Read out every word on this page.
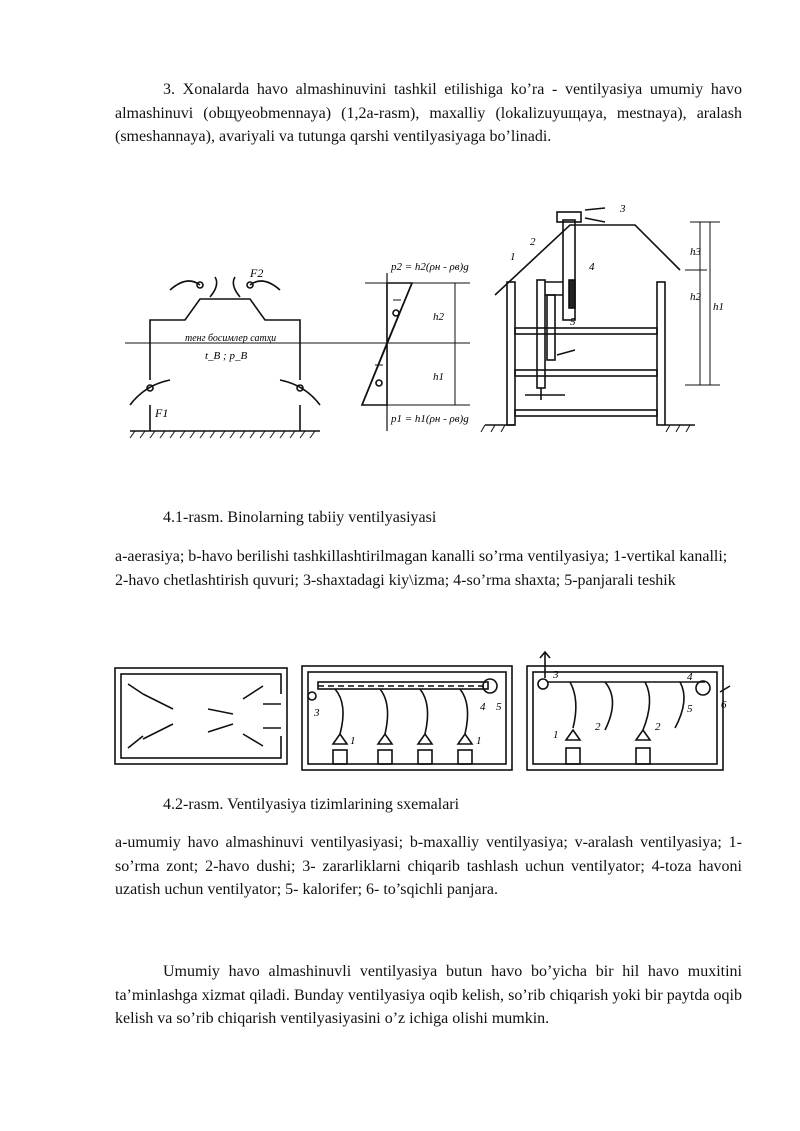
3. Xonalarda havo almashinuvini tashkil etilishiga ko’ra - ventilyasiya umumiy havo almashinuvi (obщyeobmennaya) (1,2a-rasm), maxalliy (lokalizuyuщaya, mestnaya), aralash (smeshannaya), avariyali va tutunga qarshi ventilyasiyaga bo’linadi.
тенг босимлер сатҳи
t_B ; p_B
F2
F1
p2 = h2(ρн - ρв)g
p1 = h1(ρн - ρв)g
h2
h1
1
2
3
4
5
h3
h2
h1
4.1-rasm. Binolarning tabiiy ventilyasiyasi
a-aerasiya; b-havo berilishi tashkillashtirilmagan kanalli so’rma ventilyasiya; 1-vertikal kanalli; 2-havo chetlashtirish quvuri; 3-shaxtadagi kiy\izma; 4-so’rma shaxta; 5-panjarali teshik
3	4 5
1	1
3	4
5	6
1
2	2
4.2-rasm. Ventilyasiya tizimlarining sxemalari
a-umumiy havo almashinuvi ventilyasiyasi; b-maxalliy ventilyasiya; v-aralash ventilyasiya; 1-so’rma zont; 2-havo dushi; 3- zararliklarni chiqarib tashlash uchun ventilyator; 4-toza havoni uzatish uchun ventilyator; 5- kalorifer; 6- to’sqichli panjara.
Umumiy havo almashinuvli ventilyasiya butun havo bo’yicha bir hil havo muxitini ta’minlashga xizmat qiladi. Bunday ventilyasiya oqib kelish, so’rib chiqarish yoki bir paytda oqib kelish va so’rib chiqarish ventilyasiyasini o’z ichiga olishi mumkin.
